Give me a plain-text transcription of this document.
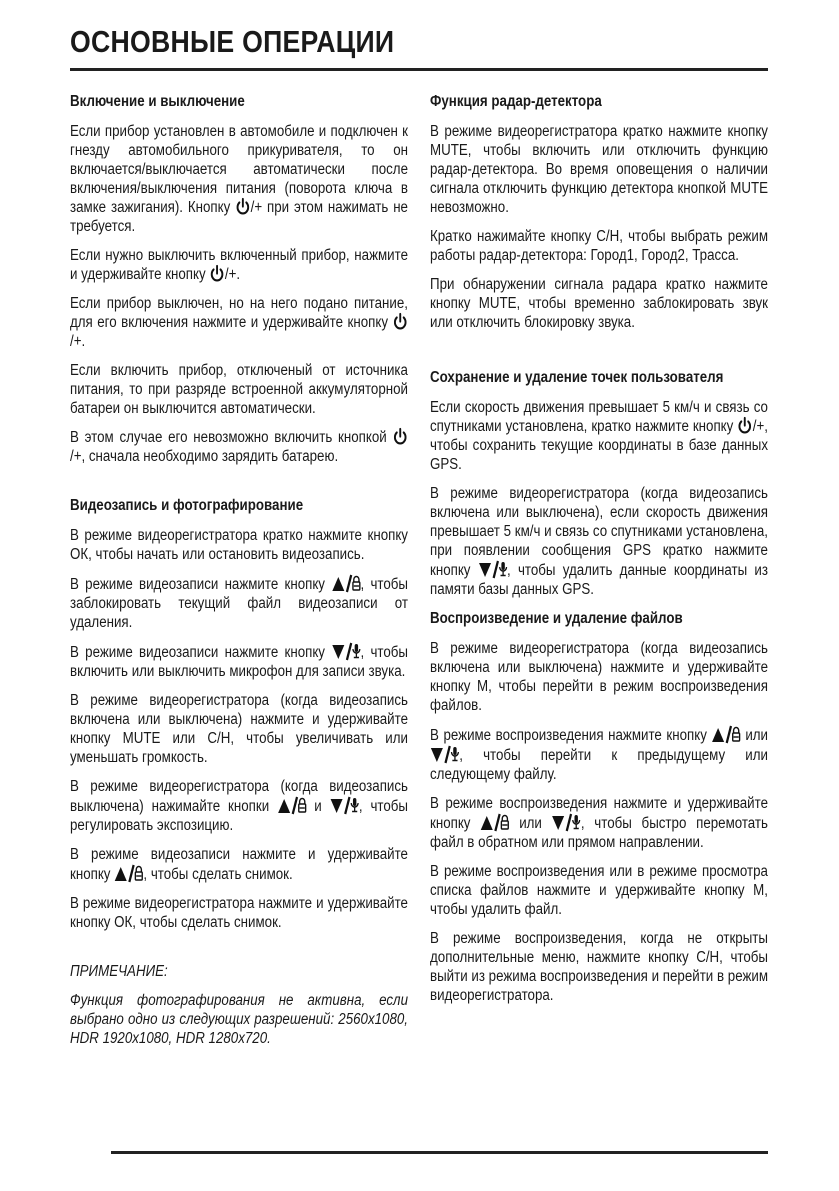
ОСНОВНЫЕ ОПЕРАЦИИ
Включение и выключение

Если прибор установлен в автомобиле и подключен к гнезду автомобильного прикуривателя, то он включается/выключается автоматически после включения/выключения питания (поворота ключа в замке зажигания). Кнопку /+ при этом нажимать не требуется.

Если нужно выключить включенный прибор, нажмите и удерживайте кнопку /+.

Если прибор выключен, но на него подано питание, для его включения нажмите и удерживайте кнопку /+.

Если включить прибор, отключеный от источника питания, то при разряде встроенной аккумуляторной батареи он выключится автоматически.

В этом случае его невозможно включить кнопкой /+, сначала необходимо зарядить батарею.

Видеозапись и фотографирование

В режиме видеорегистратора кратко нажмите кнопку ОК, чтобы начать или остановить видеозапись.

В режиме видеозаписи нажмите кнопку , чтобы заблокировать текущий файл видеозаписи от удаления.

В режиме видеозаписи нажмите кнопку , чтобы включить или выключить микрофон для записи звука.

В режиме видеорегистратора (когда видеозапись включена или выключена) нажмите и удерживайте кнопку MUTE или С/Н, чтобы увеличивать или уменьшать громкость.

В режиме видеорегистратора (когда видеозапись выключена) нажимайте кнопки  и , чтобы регулировать экспозицию.

В режиме видеозаписи нажмите и удерживайте кнопку , чтобы сделать снимок.

В режиме видеорегистратора нажмите и удерживайте кнопку ОК, чтобы сделать снимок.

ПРИМЕЧАНИЕ:

Функция фотографирования не активна, если выбрано одно из следующих разрешений: 2560x1080, HDR 1920x1080, HDR 1280x720.

Функция радар-детектора

В режиме видеорегистратора кратко нажмите кнопку MUTE, чтобы включить или отключить функцию радар-детектора. Во время оповещения о наличии сигнала отключить функцию детектора кнопкой MUTE невозможно.

Кратко нажимайте кнопку С/Н, чтобы выбрать режим работы радар-детектора: Город1, Город2, Трасса.

При обнаружении сигнала радара кратко нажмите кнопку MUTE, чтобы временно заблокировать звук или отключить блокировку звука.

Сохранение и удаление точек пользователя

Если скорость движения превышает 5 км/ч и связь со спутниками установлена, кратко нажмите кнопку /+, чтобы сохранить текущие координаты в базе данных GPS.

В режиме видеорегистратора (когда видеозапись включена или выключена), если скорость движения превышает 5 км/ч и связь со спутниками установлена, при появлении сообщения GPS кратко нажмите кнопку , чтобы удалить данные координаты из памяти базы данных GPS.

Воспроизведение и удаление файлов

В режиме видеорегистратора (когда видеозапись включена или выключена) нажмите и удерживайте кнопку М, чтобы перейти в режим воспроизведения файлов.

В режиме воспроизведения нажмите кнопку  или , чтобы перейти к предыдущему или следующему файлу.

В режиме воспроизведения нажмите и удерживайте кнопку  или , чтобы быстро перемотать файл в обратном или прямом направлении.

В режиме воспроизведения или в режиме просмотра списка файлов нажмите и удерживайте кнопку М, чтобы удалить файл.

В режиме воспроизведения, когда не открыты дополнительные меню, нажмите кнопку С/Н, чтобы выйти из режима воспроизведения и перейти в режим видеорегистратора.
